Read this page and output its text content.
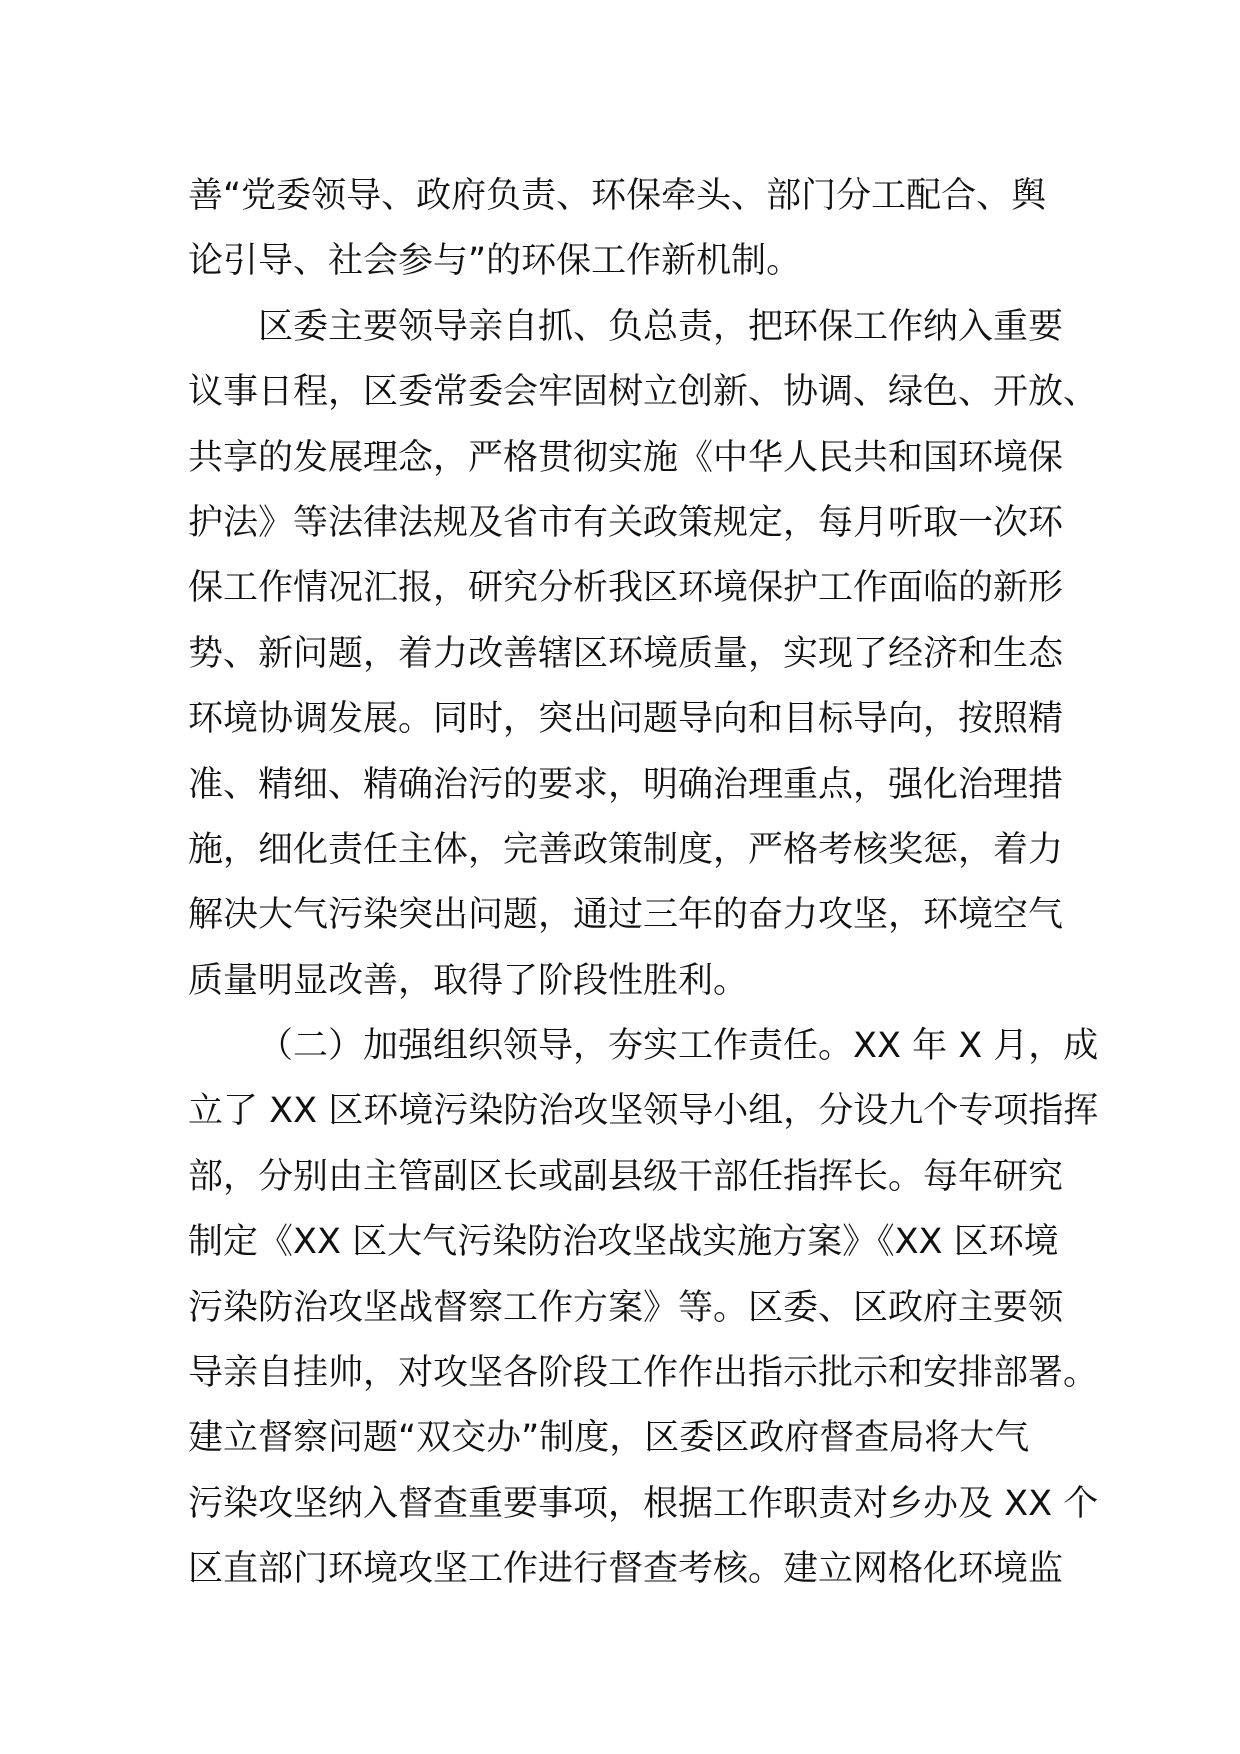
善“党委领导、政府负责、环保牵头、部门分工配合、舆
论引导、社会参与”的环保工作新机制。
区委主要领导亲自抓、负总责，把环保工作纳入重要
议事日程，区委常委会牢固树立创新、协调、绿色、开放、
共享的发展理念，严格贯彻实施《中华人民共和国环境保
护法》等法律法规及省市有关政策规定，每月听取一次环
保工作情况汇报，研究分析我区环境保护工作面临的新形
势、新问题，着力改善辖区环境质量，实现了经济和生态
环境协调发展。同时，突出问题导向和目标导向，按照精
准、精细、精确治污的要求，明确治理重点，强化治理措
施，细化责任主体，完善政策制度，严格考核奖惩，着力
解决大气污染突出问题，通过三年的奋力攻坚，环境空气
质量明显改善，取得了阶段性胜利。
（二）加强组织领导，夯实工作责任。XX 年 X 月，成
立了 XX 区环境污染防治攻坚领导小组，分设九个专项指挥
部，分别由主管副区长或副县级干部任指挥长。每年研究
制定《XX 区大气污染防治攻坚战实施方案》《XX 区环境
污染防治攻坚战督察工作方案》等。区委、区政府主要领
导亲自挂帅，对攻坚各阶段工作作出指示批示和安排部署。
建立督察问题“双交办”制度，区委区政府督查局将大气
污染攻坚纳入督查重要事项，根据工作职责对乡办及 XX 个
区直部门环境攻坚工作进行督查考核。建立网格化环境监
